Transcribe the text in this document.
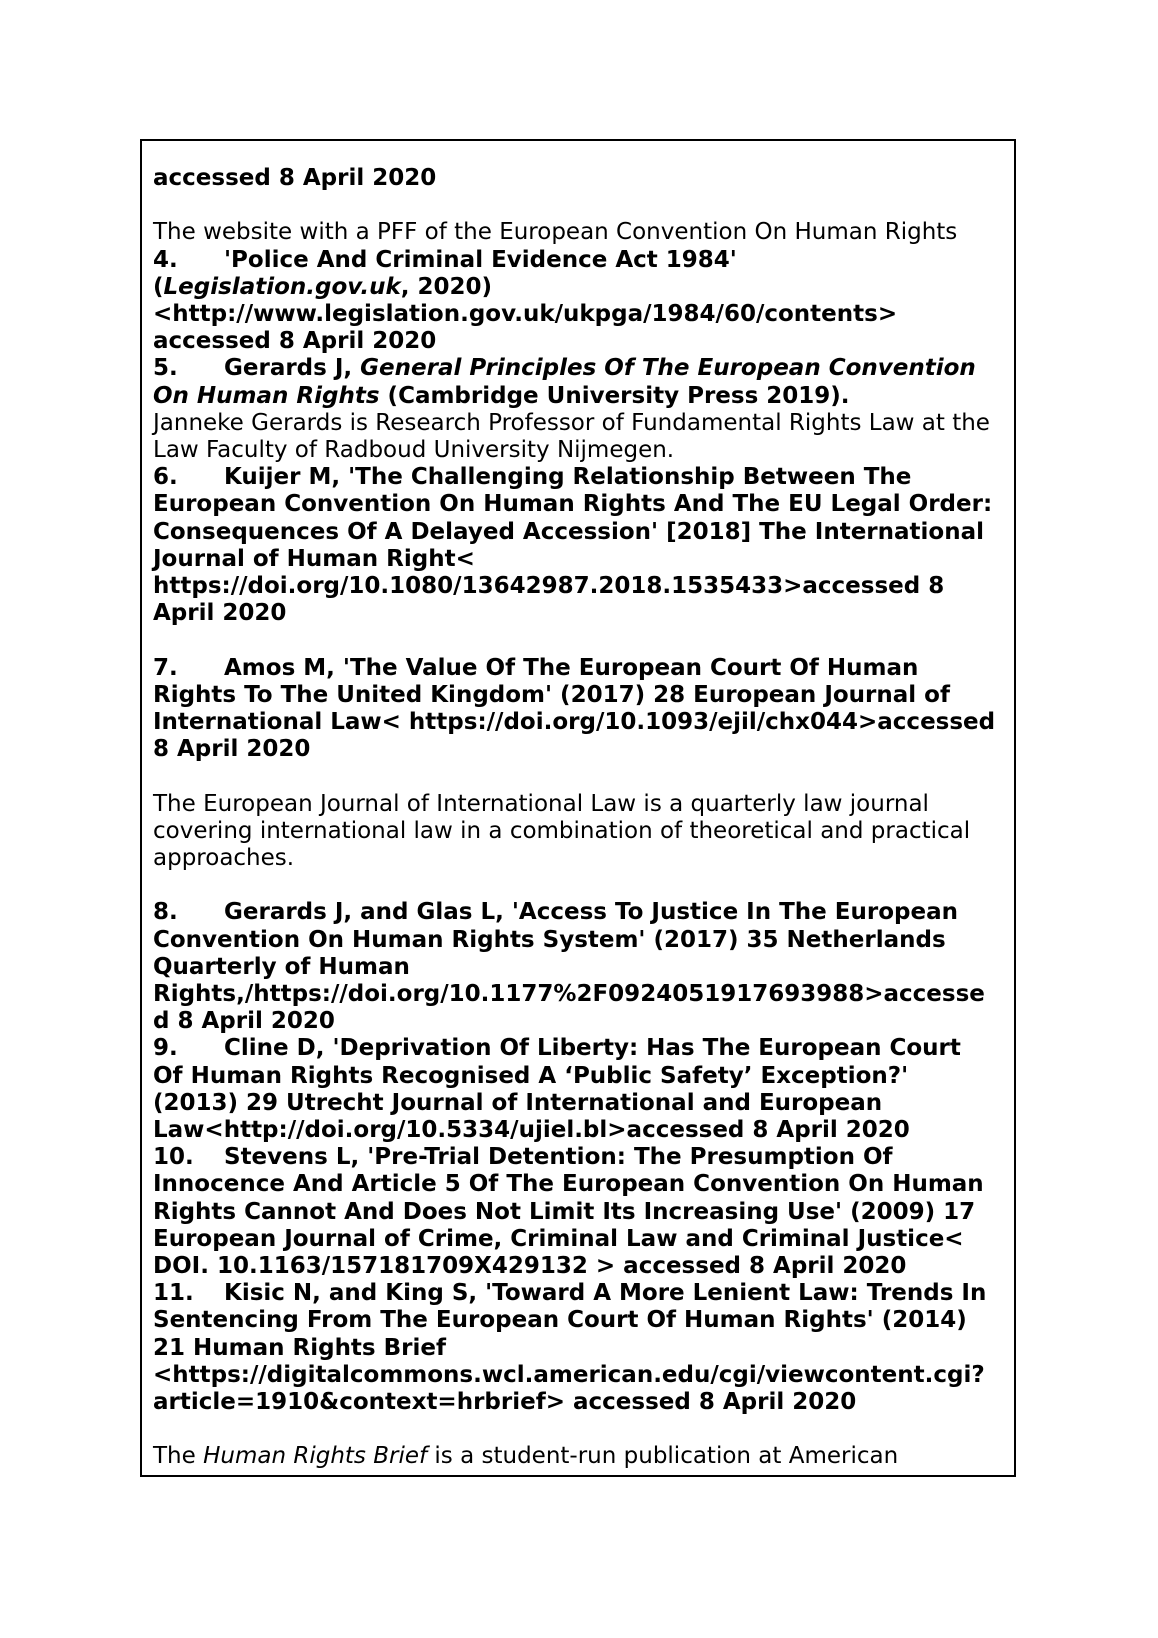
accessed 8 April 2020
The website with a PFF of the European Convention On Human Rights
4. 'Police And Criminal Evidence Act 1984'
(Legislation.gov.uk, 2020)
<http://www.legislation.gov.uk/ukpga/1984/60/contents>
accessed 8 April 2020
5. Gerards J, General Principles Of The European Convention
On Human Rights (Cambridge University Press 2019).
Janneke Gerards is Research Professor of Fundamental Rights Law at the
Law Faculty of Radboud University Nijmegen.
6. Kuijer M, 'The Challenging Relationship Between The
European Convention On Human Rights And The EU Legal Order:
Consequences Of A Delayed Accession' [2018] The International
Journal of Human Right<
https://doi.org/10.1080/13642987.2018.1535433>accessed 8
April 2020
7. Amos M, 'The Value Of The European Court Of Human
Rights To The United Kingdom' (2017) 28 European Journal of
International Law< https://doi.org/10.1093/ejil/chx044>accessed
8 April 2020
The European Journal of International Law is a quarterly law journal
covering international law in a combination of theoretical and practical
approaches.
8. Gerards J, and Glas L, 'Access To Justice In The European
Convention On Human Rights System' (2017) 35 Netherlands
Quarterly of Human
Rights,/https://doi.org/10.1177%2F0924051917693988>accesse
d 8 April 2020
9. Cline D, 'Deprivation Of Liberty: Has The European Court
Of Human Rights Recognised A ‘Public Safety’ Exception?'
(2013) 29 Utrecht Journal of International and European
Law<http://doi.org/10.5334/ujiel.bl>accessed 8 April 2020
10. Stevens L, 'Pre-Trial Detention: The Presumption Of
Innocence And Article 5 Of The European Convention On Human
Rights Cannot And Does Not Limit Its Increasing Use' (2009) 17
European Journal of Crime, Criminal Law and Criminal Justice<
DOI. 10.1163/157181709X429132 > accessed 8 April 2020
11. Kisic N, and King S, 'Toward A More Lenient Law: Trends In
Sentencing From The European Court Of Human Rights' (2014)
21 Human Rights Brief
<https://digitalcommons.wcl.american.edu/cgi/viewcontent.cgi?
article=1910&context=hrbrief> accessed 8 April 2020
The Human Rights Brief is a student-run publication at American
